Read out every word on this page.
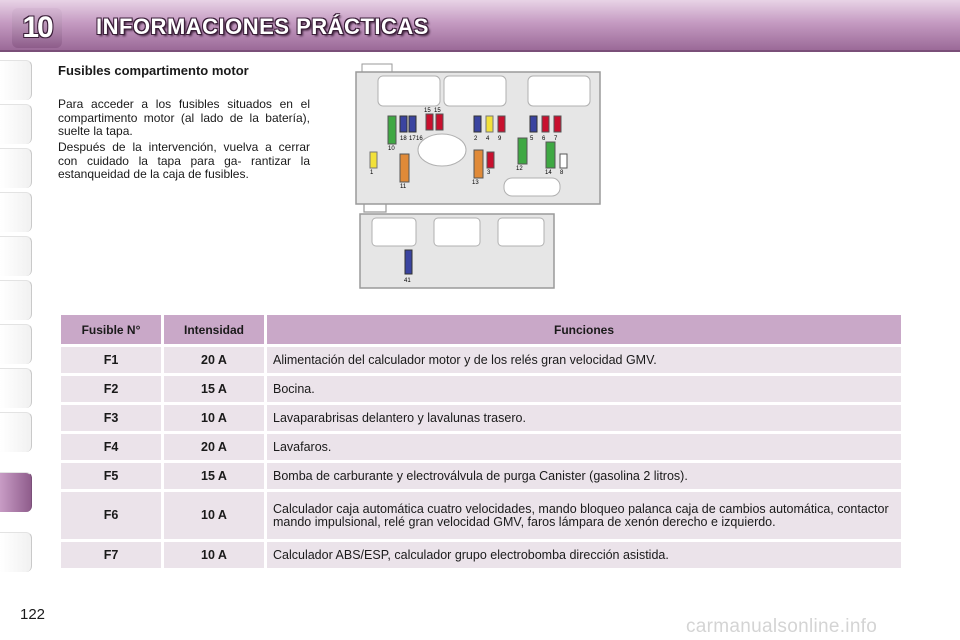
10	INFORMACIONES PRÁCTICAS
Fusibles compartimento motor

Para acceder a los fusibles situados en el compartimento motor (al lado de la batería), suelte la tapa.

Después de la intervención, vuelva a cerrar con cuidado la tapa para ga- rantizar la estanqueidad de la caja de fusibles.	1
10
18 17 16
15 15
11
2 4 9
13
3
12
5 6 7
14 8
41
Fusible N°	Intensidad	Funciones
F1	20 A	Alimentación del calculador motor y de los relés gran velocidad GMV.
F2	15 A	Bocina.
F3	10 A	Lavaparabrisas delantero y lavalunas trasero.
F4	20 A	Lavafaros.
F5	15 A	Bomba de carburante y electroválvula de purga Canister (gasolina 2 litros).
F6	10 A	Calculador caja automática cuatro velocidades, mando bloqueo palanca caja de cambios automática, contactor mando impulsional, relé gran velocidad GMV, faros lámpara de xenón derecho e izquierdo.
F7	10 A	Calculador ABS/ESP, calculador grupo electrobomba dirección asistida.
122
carmanualsonline.info
